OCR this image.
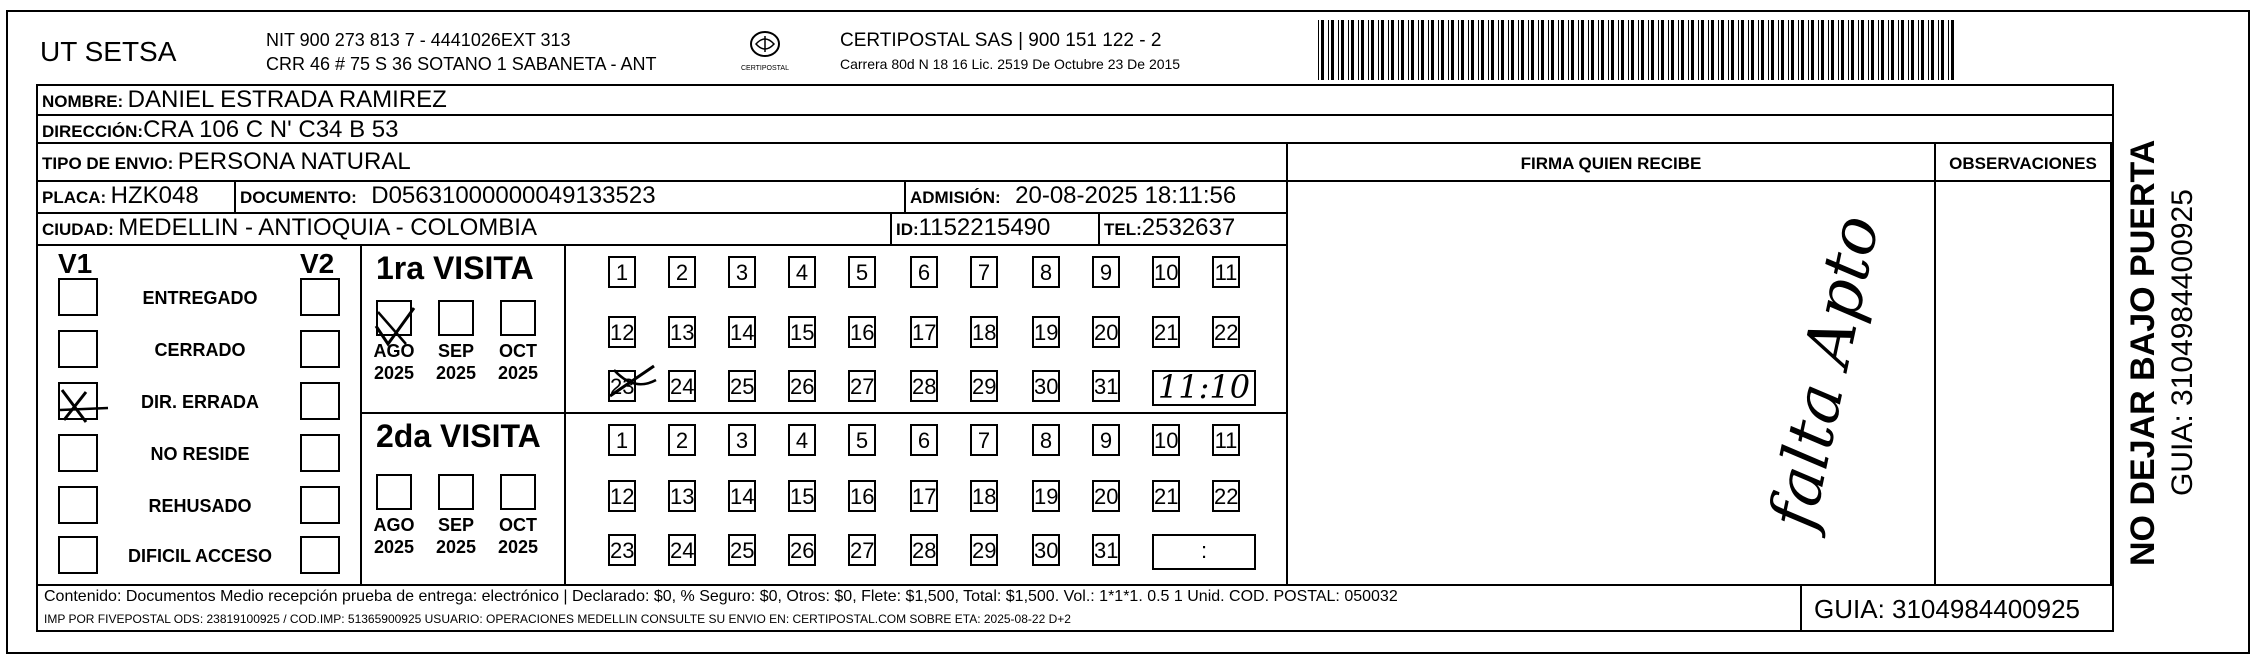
UT SETSA	NIT 900 273 813 7 - 4441026EXT 313
CRR 46 # 75 S 36 SOTANO 1 SABANETA - ANT	CERTIPOSTAL
CERTIPOSTAL SAS | 900 151 122 - 2
Carrera 80d N 18 16 Lic. 2519 De Octubre 23 De 2015
NOMBRE: DANIEL ESTRADA RAMIREZ
DIRECCIÓN:CRA 106 C N' C34 B 53
TIPO DE ENVIO: PERSONA NATURAL	FIRMA QUIEN RECIBE	OBSERVACIONES
PLACA: HZK048 DOCUMENTO: D05631000000049133523	ADMISIÓN: 20-08-2025 18:11:56
CIUDAD: MEDELLIN - ANTIOQUIA - COLOMBIA	ID:1152215490	TEL:2532637
V1	V2
ENTREGADO
CERRADO
DIR. ERRADA
NO RESIDE
REHUSADO
DIFICIL ACCESO
1ra VISITA
2da VISITA
AGO
2025
SEP
2025
OCT
2025
AGO
2025
SEP
2025
OCT
2025
1	2	3	4	5	6	7	8	9	10 11
12 13 14 15 16 17 18 19 20 21 22
23 24 25 26 27 28 29 30 31 11:10
1	2	3	4	5	6	7	8	9	10 11
12 13 14 15 16 17 18 19 20 21 22
23 24 25 26 27 28 29 30 31	:
falta Apto	NO DEJAR BAJO PUERTA GUIA: 3104984400925
Contenido: Documentos Medio recepción prueba de entrega: electrónico | Declarado: $0, % Seguro: $0, Otros: $0, Flete: $1,500, Total: $1,500. Vol.: 1*1*1. 0.5 1 Unid. COD. POSTAL: 050032
IMP POR FIVEPOSTAL ODS: 23819100925 / COD.IMP: 51365900925 USUARIO: OPERACIONES MEDELLIN CONSULTE SU ENVIO EN: CERTIPOSTAL.COM SOBRE ETA: 2025-08-22 D+2	GUIA: 3104984400925
